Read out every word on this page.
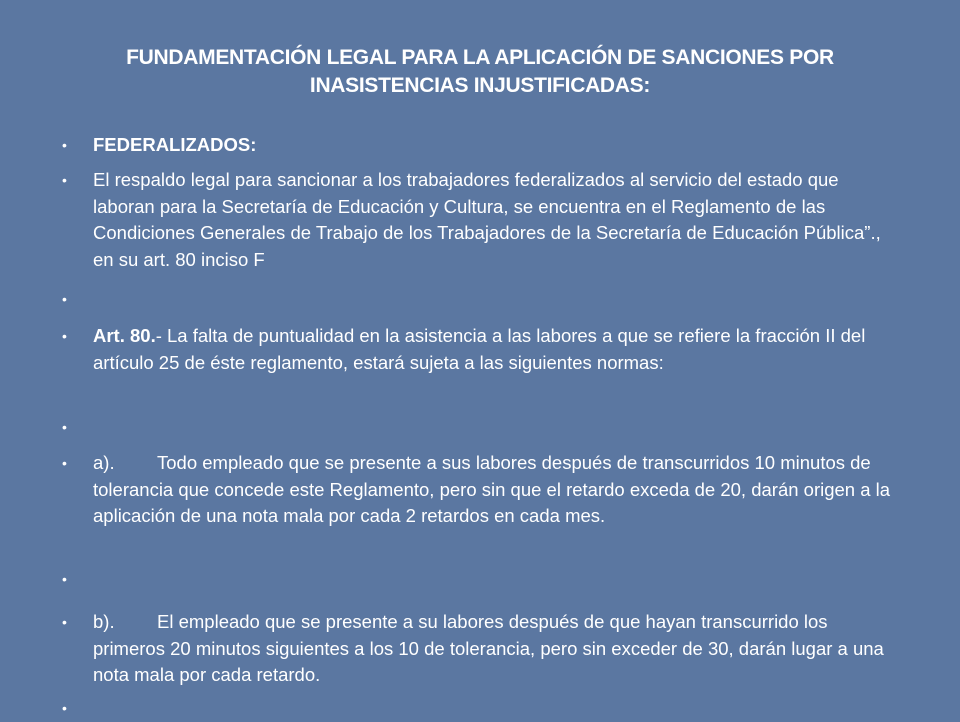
FUNDAMENTACIÓN LEGAL PARA LA APLICACIÓN DE SANCIONES POR INASISTENCIAS INJUSTIFICADAS:
•	FEDERALIZADOS:
•	El respaldo legal para sancionar a los trabajadores federalizados al servicio del estado que laboran para la Secretaría de Educación y Cultura, se encuentra en el Reglamento de las Condiciones Generales de Trabajo de los Trabajadores de la Secretaría de Educación Pública”., en su art. 80 inciso F
•
•	Art. 80.- La falta de puntualidad en la asistencia a las labores a que se refiere la fracción II del artículo 25 de éste reglamento, estará sujeta a las siguientes normas:
•
•	a). Todo empleado que se presente a sus labores después de transcurridos 10 minutos de tolerancia que concede este Reglamento, pero sin que el retardo exceda de 20, darán origen a la aplicación de una nota mala por cada 2 retardos en cada mes.
•
•	b). El empleado que se presente a su labores después de que hayan transcurrido los primeros 20 minutos siguientes a los 10 de tolerancia, pero sin exceder de 30, darán lugar a una nota mala por cada retardo.
•
